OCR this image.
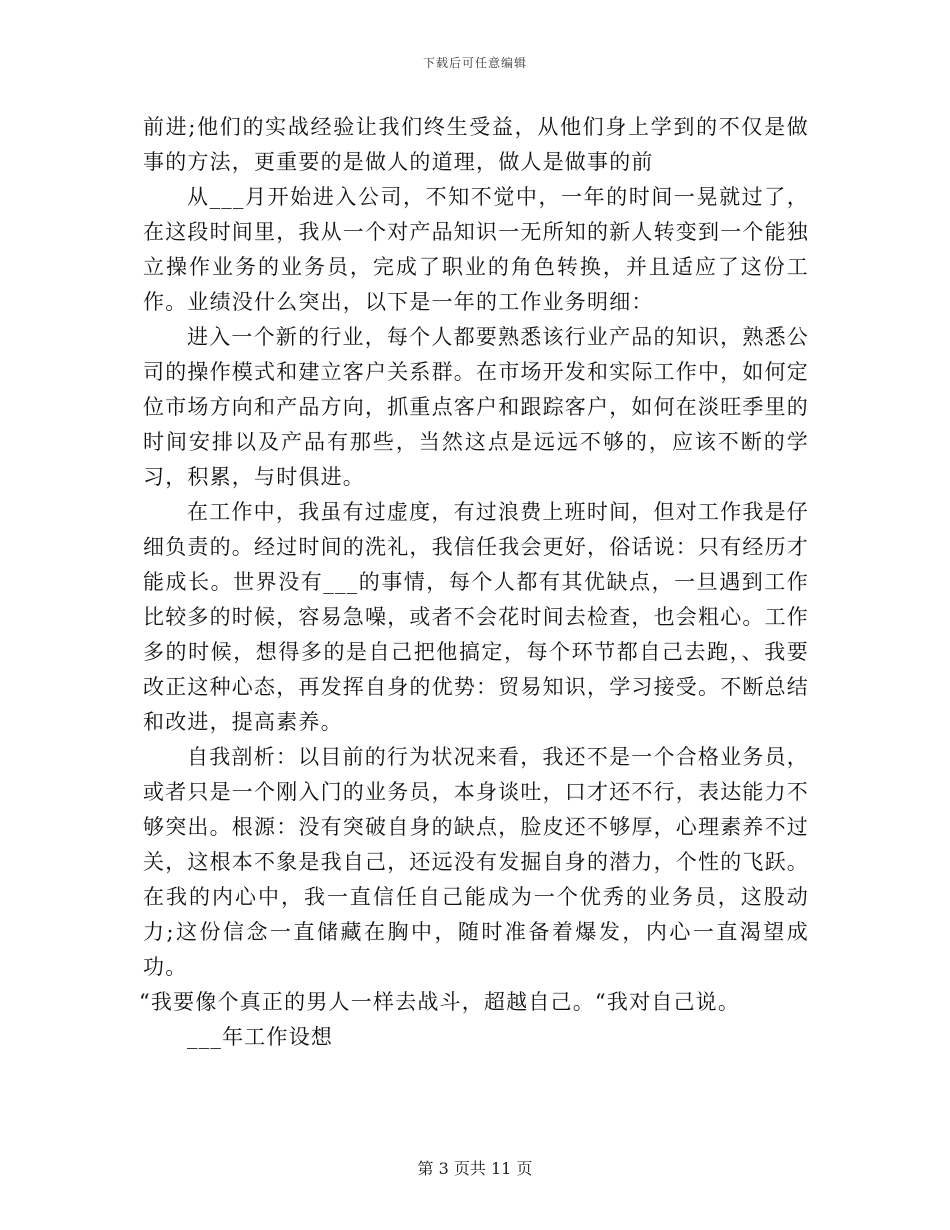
下载后可任意编辑

前进;他们的实战经验让我们终生受益，从他们身上学到的不仅是做事的方法，更重要的是做人的道理，做人是做事的前

从___月开始进入公司，不知不觉中，一年的时间一晃就过了，在这段时间里，我从一个对产品知识一无所知的新人转变到一个能独立操作业务的业务员，完成了职业的角色转换，并且适应了这份工作。业绩没什么突出，以下是一年的工作业务明细：

进入一个新的行业，每个人都要熟悉该行业产品的知识，熟悉公司的操作模式和建立客户关系群。在市场开发和实际工作中，如何定位市场方向和产品方向，抓重点客户和跟踪客户，如何在淡旺季里的时间安排以及产品有那些，当然这点是远远不够的，应该不断的学习，积累，与时俱进。

在工作中，我虽有过虚度，有过浪费上班时间，但对工作我是仔细负责的。经过时间的洗礼，我信任我会更好，俗话说：只有经历才能成长。世界没有___的事情，每个人都有其优缺点，一旦遇到工作比较多的时候，容易急噪，或者不会花时间去检查，也会粗心。工作多的时候，想得多的是自己把他搞定，每个环节都自己去跑，、我要改正这种心态，再发挥自身的优势：贸易知识，学习接受。不断总结和改进，提高素养。

自我剖析：以目前的行为状况来看，我还不是一个合格业务员，或者只是一个刚入门的业务员，本身谈吐，口才还不行，表达能力不够突出。根源：没有突破自身的缺点，脸皮还不够厚，心理素养不过关，这根本不象是我自己，还远没有发掘自身的潜力，个性的飞跃。在我的内心中，我一直信任自己能成为一个优秀的业务员，这股动力;这份信念一直储藏在胸中，随时准备着爆发，内心一直渴望成功。

“我要像个真正的男人一样去战斗，超越自己。“我对自己说。

___年工作设想

第 3 页共 11 页
